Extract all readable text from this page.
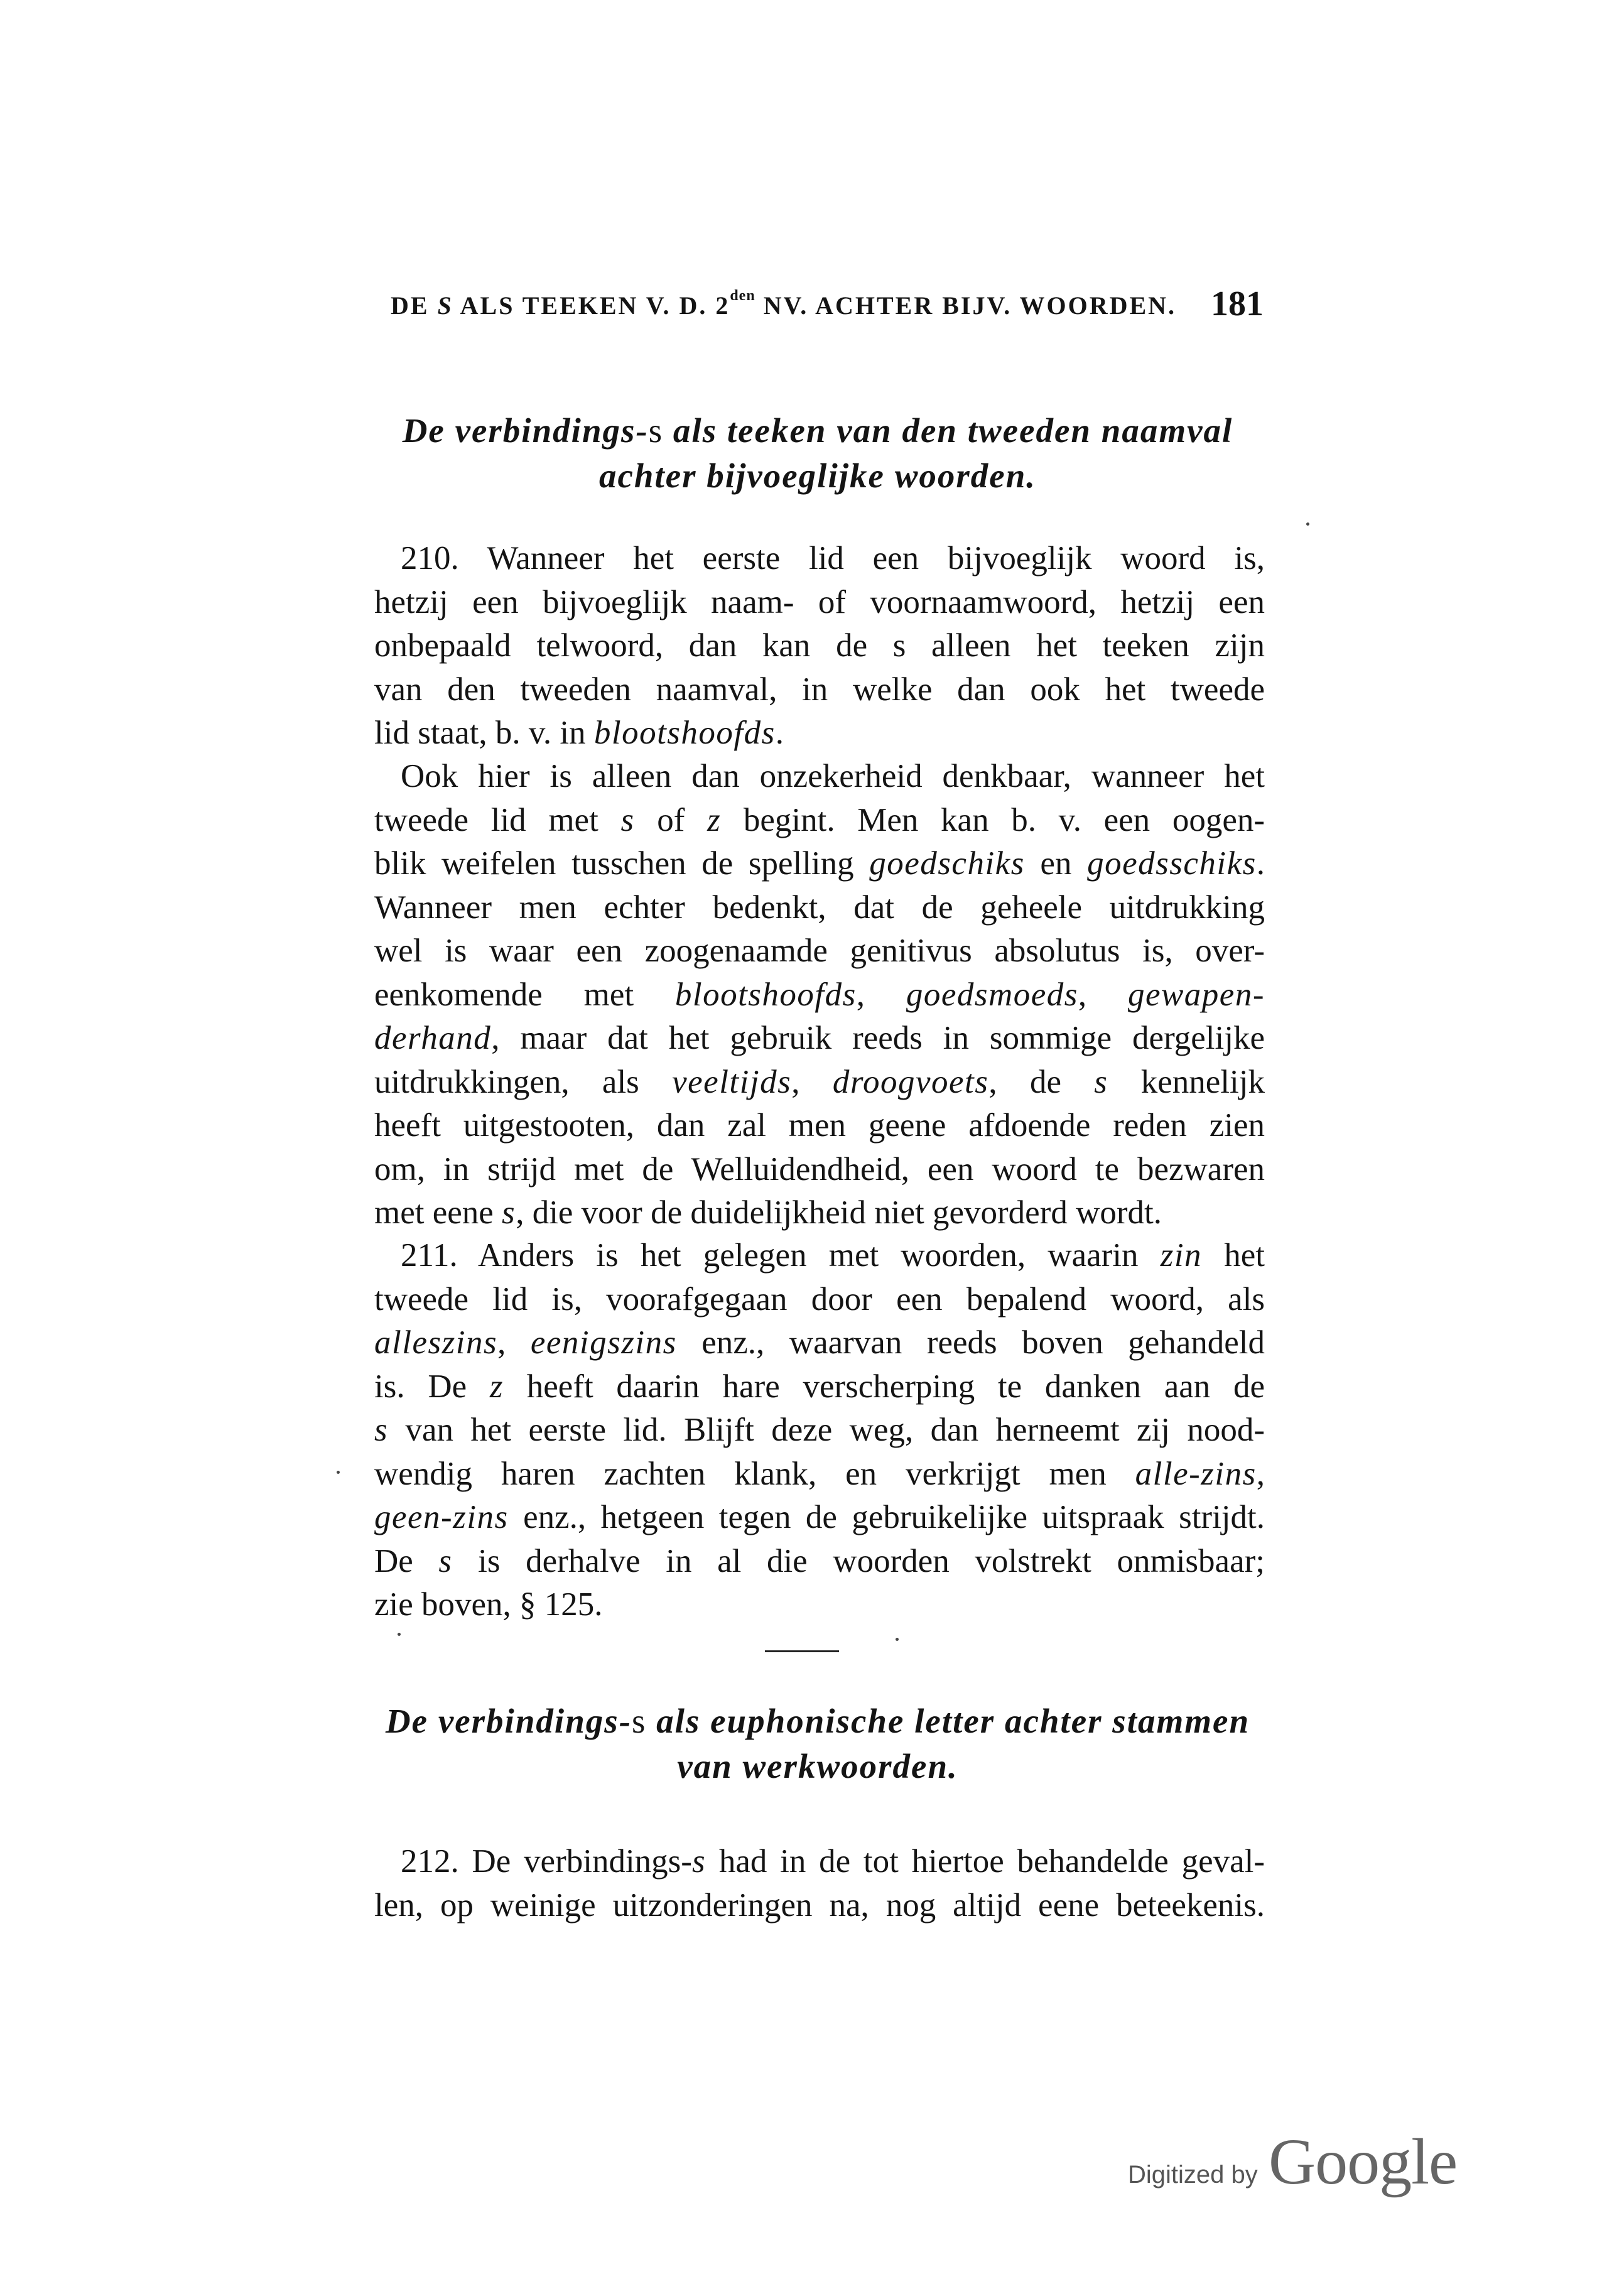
DE S ALS TEEKEN V. D. $2^{den}$ NV. ACHTER BIJV. WOORDEN. 181
De verbindings-s als teeken van den tweeden naamval
achter bijvoeglijke woorden.
210. Wanneer het eerste lid een bijvoeglijk woord is,
hetzij een bijvoeglijk naam- of voornaamwoord, hetzij een
onbepaald telwoord, dan kan de s alleen het teeken zijn
van den tweeden naamval, in welke dan ook het tweede
lid staat, b. v. in blootshoofds.
Ook hier is alleen dan onzekerheid denkbaar, wanneer het
tweede lid met s of z begint. Men kan b. v. een oogen-
blik weifelen tusschen de spelling goedschiks en goedsschiks.
Wanneer men echter bedenkt, dat de geheele uitdrukking
wel is waar een zoogenaamde genitivus absolutus is, over-
eenkomende met blootshoofds, goedsmoeds, gewapen-
derhand, maar dat het gebruik reeds in sommige dergelijke
uitdrukkingen, als veeltijds, droogvoets, de s kennelijk
heeft uitgestooten, dan zal men geene afdoende reden zien
om, in strijd met de Welluidendheid, een woord te bezwaren
met eene s, die voor de duidelijkheid niet gevorderd wordt.
211. Anders is het gelegen met woorden, waarin zin het
tweede lid is, voorafgegaan door een bepalend woord, als
alleszins, eenigszins enz., waarvan reeds boven gehandeld
is. De z heeft daarin hare verscherping te danken aan de
s van het eerste lid. Blijft deze weg, dan herneemt zij nood-
wendig haren zachten klank, en verkrijgt men alle-zins,
geen-zins enz., hetgeen tegen de gebruikelijke uitspraak strijdt.
De s is derhalve in al die woorden volstrekt onmisbaar;
zie boven, § 125.
De verbindings-s als euphonische letter achter stammen
van werkwoorden.
212. De verbindings-s had in de tot hiertoe behandelde geval-
len, op weinige uitzonderingen na, nog altijd eene beteekenis.
Digitized by Google
